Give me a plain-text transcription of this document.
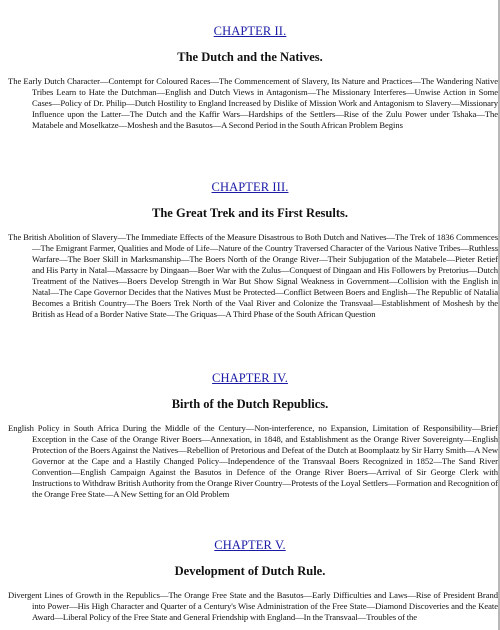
CHAPTER II.
The Dutch and the Natives.

The Early Dutch Character—Contempt for Coloured Races—The Commencement of Slavery, Its Nature and Practices—The Wandering Native Tribes Learn to Hate the Dutchman—English and Dutch Views in Antagonism—The Missionary Interferes—Unwise Action in Some Cases—Policy of Dr. Philip—Dutch Hostility to England Increased by Dislike of Mission Work and Antagonism to Slavery—Missionary Influence upon the Latter—The Dutch and the Kaffir Wars—Hardships of the Settlers—Rise of the Zulu Power under Tshaka—The Matabele and Moselkatze—Moshesh and the Basutos—A Second Period in the South African Problem Begins

CHAPTER III.
The Great Trek and its First Results.

The British Abolition of Slavery—The Immediate Effects of the Measure Disastrous to Both Dutch and Natives—The Trek of 1836 Commences—The Emigrant Farmer, Qualities and Mode of Life—Nature of the Country Traversed Character of the Various Native Tribes—Ruthless Warfare—The Boer Skill in Marksmanship—The Boers North of the Orange River—Their Subjugation of the Matabele—Pieter Retief and His Party in Natal—Massacre by Dingaan—Boer War with the Zulus—Conquest of Dingaan and His Followers by Pretorius—Dutch Treatment of the Natives—Boers Develop Strength in War But Show Signal Weakness in Government—Collision with the English in Natal—The Cape Governor Decides that the Natives Must be Protected—Conflict Between Boers and English—The Republic of Natalia Becomes a British Country—The Boers Trek North of the Vaal River and Colonize the Transvaal—Establishment of Moshesh by the British as Head of a Border Native State—The Griquas—A Third Phase of the South African Question

CHAPTER IV.
Birth of the Dutch Republics.

English Policy in South Africa During the Middle of the Century—Non-interference, no Expansion, Limitation of Responsibility—Brief Exception in the Case of the Orange River Boers—Annexation, in 1848, and Establishment as the Orange River Sovereignty—English Protection of the Boers Against the Natives—Rebellion of Pretorious and Defeat of the Dutch at Boomplaatz by Sir Harry Smith—A New Governor at the Cape and a Hastily Changed Policy—Independence of the Transvaal Boers Recognized in 1852—The Sand River Convention—English Campaign Against the Basutos in Defence of the Orange River Boers—Arrival of Sir George Clerk with Instructions to Withdraw British Authority from the Orange River Country—Protests of the Loyal Settlers—Formation and Recognition of the Orange Free State—A New Setting for an Old Problem

CHAPTER V.
Development of Dutch Rule.

Divergent Lines of Growth in the Republics—The Orange Free State and the Basutos—Early Difficulties and Laws—Rise of President Brand into Power—His High Character and Quarter of a Century's Wise Administration of the Free State—Diamond Discoveries and the Keate Award—Liberal Policy of the Free State and General Friendship with England—In the Transvaal—Troubles of the
